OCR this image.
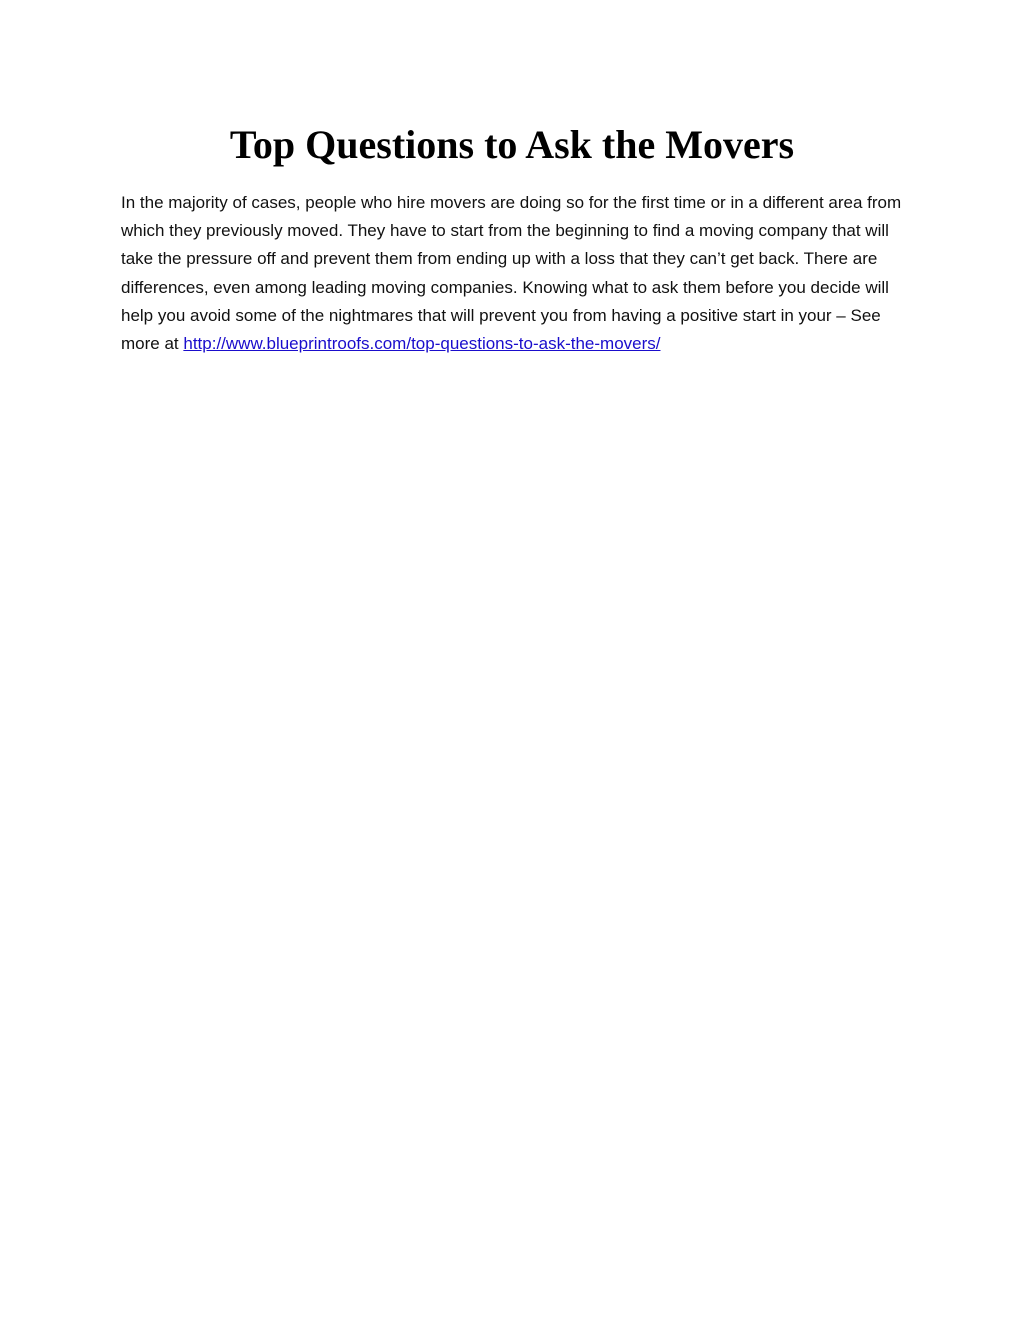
Top Questions to Ask the Movers

In the majority of cases, people who hire movers are doing so for the first time or in a different area from which they previously moved. They have to start from the beginning to find a moving company that will take the pressure off and prevent them from ending up with a loss that they can’t get back. There are differences, even among leading moving companies. Knowing what to ask them before you decide will help you avoid some of the nightmares that will prevent you from having a positive start in your – See more at http://www.blueprintroofs.com/top-questions-to-ask-the-movers/
